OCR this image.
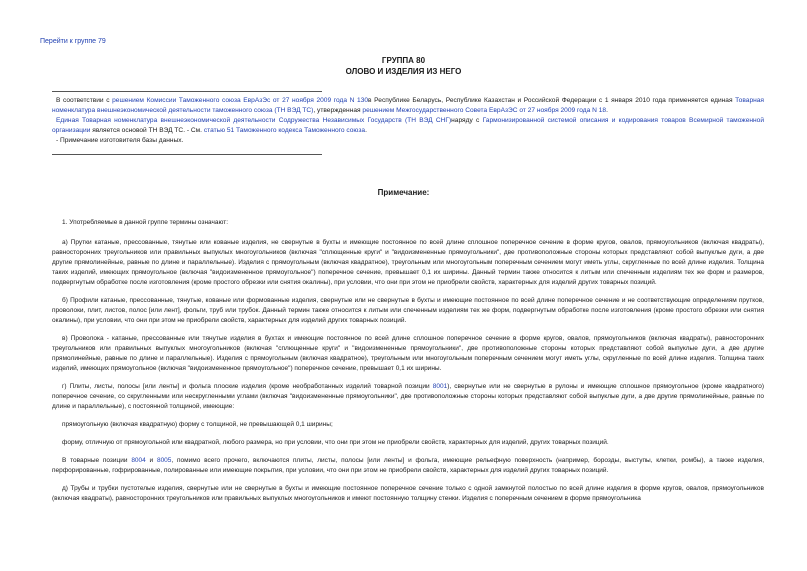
Перейти к группе 79
ГРУППА 80
ОЛОВО И ИЗДЕЛИЯ ИЗ НЕГО

В соответствии с решением Комиссии Таможенного союза ЕврАзЭс от 27 ноября 2009 года N 130в Республике Беларусь, Республике Казахстан и Российской Федерации с 1 января 2010 года применяется единая Товарная номенклатура внешнеэкономической деятельности таможенного союза (ТН ВЭД ТС), утвержденная решением Межгосударственного Совета ЕврАзЭС от 27 ноября 2009 года N 18.

Единая Товарная номенклатура внешнеэкономической деятельности Содружества Независимых Государств (ТН ВЭД СНГ)наряду с Гармонизированной системой описания и кодирования товаров Всемирной таможенной организации является основой ТН ВЭД ТС. - См. статью 51 Таможенного кодекса Таможенного союза.

- Примечание изготовителя базы данных.

Примечание:

1. Употребляемые в данной группе термины означают:

а) Прутки катаные, прессованные, тянутые или кованые изделия, не свернутые в бухты и имеющие постоянное по всей длине сплошное поперечное сечение в форме кругов, овалов, прямоугольников (включая квадраты), равносторонних треугольников или правильных выпуклых многоугольников (включая "сплющенные круги" и "видоизмененные прямоугольники", две противоположные стороны которых представляют собой выпуклые дуги, а две другие прямолинейные, равные по длине и параллельные). Изделия с прямоугольным (включая квадратное), треугольным или многоугольным поперечным сечением могут иметь углы, скругленные по всей длине изделия. Толщина таких изделий, имеющих прямоугольное (включая "видоизмененное прямоугольное") поперечное сечение, превышает 0,1 их ширины. Данный термин также относится к литым или спеченным изделиям тех же форм и размеров, подвергнутым обработке после изготовления (кроме простого обрезки или снятия окалины), при условии, что они при этом не приобрели свойств, характерных для изделий других товарных позиций.

б) Профили катаные, прессованные, тянутые, кованые или формованные изделия, свернутые или не свернутые в бухты и имеющие постоянное по всей длине поперечное сечение и не соответствующие определениям прутков, проволоки, плит, листов, полос [или лент], фольги, труб или трубок. Данный термин также относится к литым или спеченным изделиям тех же форм, подвергнутым обработке после изготовления (кроме простого обрезки или снятия окалины), при условии, что они при этом не приобрели свойств, характерных для изделий других товарных позиций.

в) Проволока - катаные, прессованные или тянутые изделия в бухтах и имеющие постоянное по всей длине сплошное поперечное сечение в форме кругов, овалов, прямоугольников (включая квадраты), равносторонних треугольников или правильных выпуклых многоугольников (включая "сплющенные круги" и "видоизмененные прямоугольники", две противоположные стороны которых представляют собой выпуклые дуги, а две другие прямолинейные, равные по длине и параллельные). Изделия с прямоугольным (включая квадратное), треугольным или многоугольным поперечным сечением могут иметь углы, скругленные по всей длине изделия. Толщина таких изделий, имеющих прямоугольное (включая "видоизмененное прямоугольное") поперечное сечение, превышает 0,1 их ширины.

г) Плиты, листы, полосы [или ленты] и фольга плоские изделия (кроме необработанных изделий товарной позиции 8001), свернутые или не свернутые в рулоны и имеющие сплошное прямоугольное (кроме квадратного) поперечное сечение, со скругленными или нескругленными углами (включая "видоизмененные прямоугольники", две противоположные стороны которых представляют собой выпуклые дуги, а две другие прямолинейные, равные по длине и параллельные), с постоянной толщиной, имеющие:

прямоугольную (включая квадратную) форму с толщиной, не превышающей 0,1 ширины;

форму, отличную от прямоугольной или квадратной, любого размера, но при условии, что они при этом не приобрели свойств, характерных для изделий, других товарных позиций.

В товарные позиции 8004 и 8005, помимо всего прочего, включаются плиты, листы, полосы [или ленты] и фольга, имеющие рельефную поверхность (например, борозды, выступы, клетки, ромбы), а также изделия, перфорированные, гофрированные, полированные или имеющие покрытия, при условии, что они при этом не приобрели свойств, характерных для изделий других товарных позиций.

д) Трубы и трубки пустотелые изделия, свернутые или не свернутые в бухты и имеющие постоянное поперечное сечение только с одной замкнутой полостью по всей длине изделия в форме кругов, овалов, прямоугольников (включая квадраты), равносторонних треугольников или правильных выпуклых многоугольников и имеют постоянную толщину стенки. Изделия с поперечным сечением в форме прямоугольника
